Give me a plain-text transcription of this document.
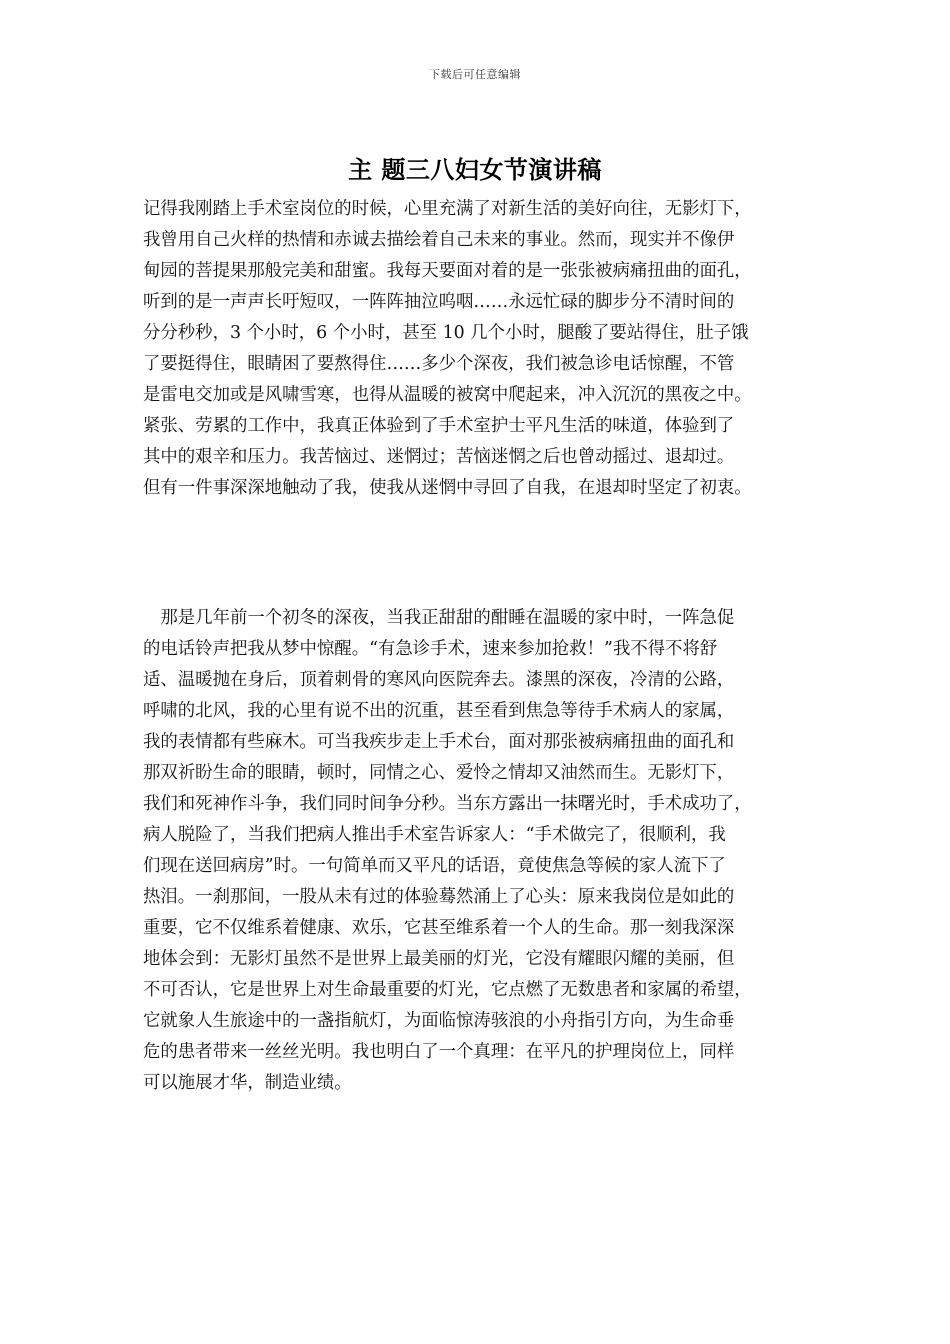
下载后可任意编辑
主 题三八妇女节演讲稿
记得我刚踏上手术室岗位的时候，心里充满了对新生活的美好向往，无影灯下，
我曾用自己火样的热情和赤诚去描绘着自己未来的事业。然而，现实并不像伊
甸园的菩提果那般完美和甜蜜。我每天要面对着的是一张张被病痛扭曲的面孔，
听到的是一声声长吁短叹，一阵阵抽泣呜咽……永远忙碌的脚步分不清时间的
分分秒秒，3 个小时，6 个小时，甚至 10 几个小时，腿酸了要站得住，肚子饿
了要挺得住，眼睛困了要熬得住……多少个深夜，我们被急诊电话惊醒，不管
是雷电交加或是风啸雪寒，也得从温暖的被窝中爬起来，冲入沉沉的黑夜之中。
紧张、劳累的工作中，我真正体验到了手术室护士平凡生活的味道，体验到了
其中的艰辛和压力。我苦恼过、迷惘过；苦恼迷惘之后也曾动摇过、退却过。
但有一件事深深地触动了我，使我从迷惘中寻回了自我，在退却时坚定了初衷。
　那是几年前一个初冬的深夜，当我正甜甜的酣睡在温暖的家中时，一阵急促
的电话铃声把我从梦中惊醒。“有急诊手术，速来参加抢救！”我不得不将舒
适、温暖抛在身后，顶着刺骨的寒风向医院奔去。漆黑的深夜，冷清的公路，
呼啸的北风，我的心里有说不出的沉重，甚至看到焦急等待手术病人的家属，
我的表情都有些麻木。可当我疾步走上手术台，面对那张被病痛扭曲的面孔和
那双祈盼生命的眼睛，顿时，同情之心、爱怜之情却又油然而生。无影灯下，
我们和死神作斗争，我们同时间争分秒。当东方露出一抹曙光时，手术成功了，
病人脱险了，当我们把病人推出手术室告诉家人：“手术做完了，很顺利，我
们现在送回病房”时。一句简单而又平凡的话语，竟使焦急等候的家人流下了
热泪。一刹那间，一股从未有过的体验蓦然涌上了心头：原来我岗位是如此的
重要，它不仅维系着健康、欢乐，它甚至维系着一个人的生命。那一刻我深深
地体会到：无影灯虽然不是世界上最美丽的灯光，它没有耀眼闪耀的美丽，但
不可否认，它是世界上对生命最重要的灯光，它点燃了无数患者和家属的希望，
它就象人生旅途中的一盏指航灯，为面临惊涛骇浪的小舟指引方向，为生命垂
危的患者带来一丝丝光明。我也明白了一个真理：在平凡的护理岗位上，同样
可以施展才华，制造业绩。
